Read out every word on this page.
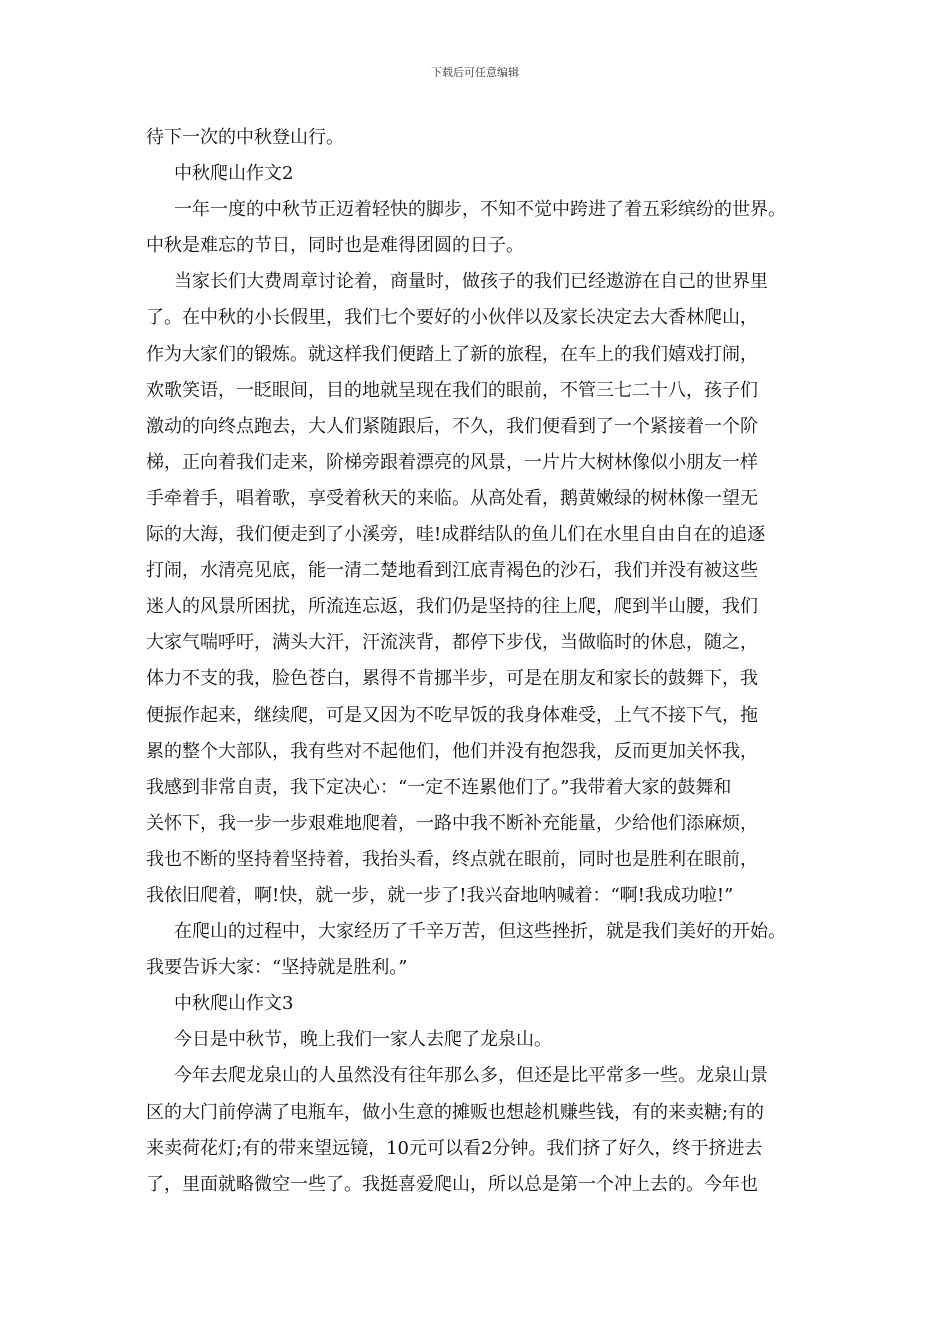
下载后可任意编辑
待下一次的中秋登山行。
中秋爬山作文2
一年一度的中秋节正迈着轻快的脚步，不知不觉中跨进了着五彩缤纷的世界。
中秋是难忘的节日，同时也是难得团圆的日子。
当家长们大费周章讨论着，商量时，做孩子的我们已经遨游在自己的世界里
了。在中秋的小长假里，我们七个要好的小伙伴以及家长决定去大香林爬山，
作为大家们的锻炼。就这样我们便踏上了新的旅程，在车上的我们嬉戏打闹，
欢歌笑语，一眨眼间，目的地就呈现在我们的眼前，不管三七二十八，孩子们
激动的向终点跑去，大人们紧随跟后，不久，我们便看到了一个紧接着一个阶
梯，正向着我们走来，阶梯旁跟着漂亮的风景，一片片大树林像似小朋友一样
手牵着手，唱着歌，享受着秋天的来临。从高处看，鹅黄嫩绿的树林像一望无
际的大海，我们便走到了小溪旁，哇!成群结队的鱼儿们在水里自由自在的追逐
打闹，水清亮见底，能一清二楚地看到江底青褐色的沙石，我们并没有被这些
迷人的风景所困扰，所流连忘返，我们仍是坚持的往上爬，爬到半山腰，我们
大家气喘呼吁，满头大汗，汗流浃背，都停下步伐，当做临时的休息，随之，
体力不支的我，脸色苍白，累得不肯挪半步，可是在朋友和家长的鼓舞下，我
便振作起来，继续爬，可是又因为不吃早饭的我身体难受，上气不接下气，拖
累的整个大部队，我有些对不起他们，他们并没有抱怨我，反而更加关怀我，
我感到非常自责，我下定决心：“一定不连累他们了。”我带着大家的鼓舞和
关怀下，我一步一步艰难地爬着，一路中我不断补充能量，少给他们添麻烦，
我也不断的坚持着坚持着，我抬头看，终点就在眼前，同时也是胜利在眼前，
我依旧爬着，啊!快，就一步，就一步了!我兴奋地呐喊着：“啊!我成功啦!”
在爬山的过程中，大家经历了千辛万苦，但这些挫折，就是我们美好的开始。
我要告诉大家：“坚持就是胜利。”
中秋爬山作文3
今日是中秋节，晚上我们一家人去爬了龙泉山。
今年去爬龙泉山的人虽然没有往年那么多，但还是比平常多一些。龙泉山景
区的大门前停满了电瓶车，做小生意的摊贩也想趁机赚些钱，有的来卖糖;有的
来卖荷花灯;有的带来望远镜，10元可以看2分钟。我们挤了好久，终于挤进去
了，里面就略微空一些了。我挺喜爱爬山，所以总是第一个冲上去的。今年也
